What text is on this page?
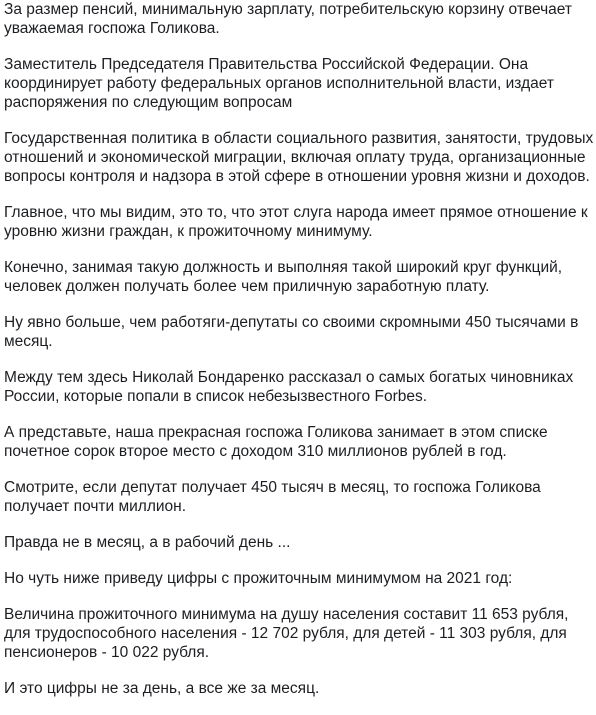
За размер пенсий, минимальную зарплату, потребительскую корзину отвечает уважаемая госпожа Голикова.

Заместитель Председателя Правительства Российской Федерации. Она координирует работу федеральных органов исполнительной власти, издает распоряжения по следующим вопросам

Государственная политика в области социального развития, занятости, трудовых отношений и экономической миграции, включая оплату труда, организационные вопросы контроля и надзора в этой сфере в отношении уровня жизни и доходов.

Главное, что мы видим, это то, что этот слуга народа имеет прямое отношение к уровню жизни граждан, к прожиточному минимуму.

Конечно, занимая такую должность и выполняя такой широкий круг функций, человек должен получать более чем приличную заработную плату.

Ну явно больше, чем работяги-депутаты со своими скромными 450 тысячами в месяц.

Между тем здесь Николай Бондаренко рассказал о самых богатых чиновниках России, которые попали в список небезызвестного Forbes.

А представьте, наша прекрасная госпожа Голикова занимает в этом списке почетное сорок второе место с доходом 310 миллионов рублей в год.

Смотрите, если депутат получает 450 тысяч в месяц, то госпожа Голикова получает почти миллион.

Правда не в месяц, а в рабочий день ...

Но чуть ниже приведу цифры с прожиточным минимумом на 2021 год:

Величина прожиточного минимума на душу населения составит 11 653 рубля, для трудоспособного населения - 12 702 рубля, для детей - 11 303 рубля, для пенсионеров - 10 022 рубля.

И это цифры не за день, а все же за месяц.
